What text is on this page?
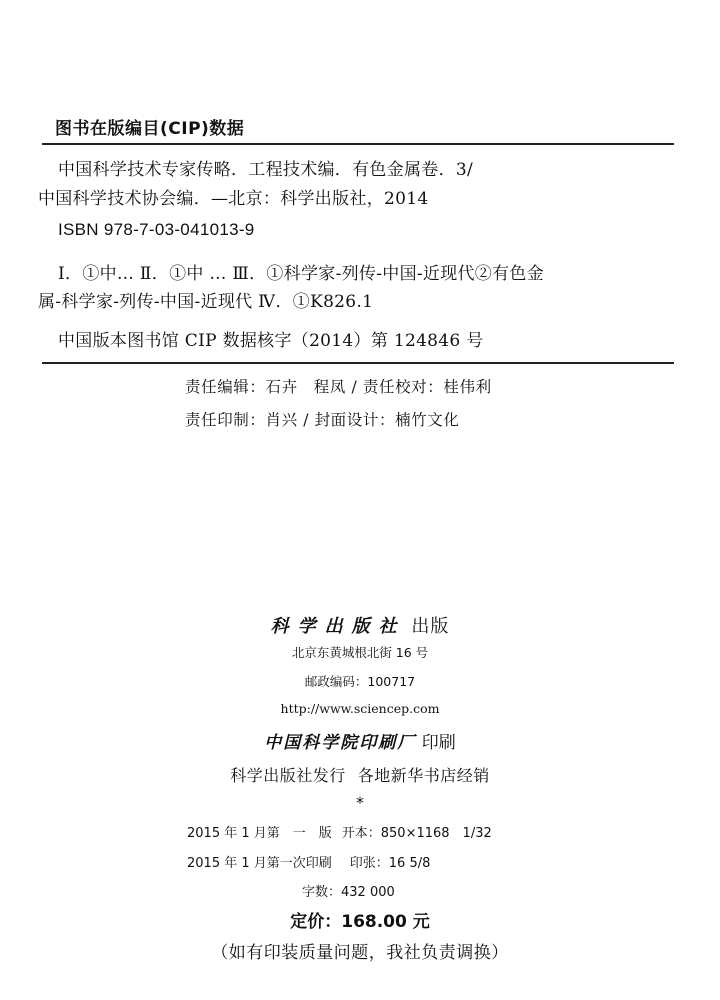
图书在版编目(CIP)数据
中国科学技术专家传略．工程技术编．有色金属卷．3/
中国科学技术协会编．—北京：科学出版社，2014
ISBN 978-7-03-041013-9
Ⅰ．①中… Ⅱ．①中 … Ⅲ．①科学家-列传-中国-近现代②有色金
属-科学家-列传-中国-近现代 Ⅳ．①K826.1
中国版本图书馆 CIP 数据核字（2014）第 124846 号
责任编辑：石卉　程凤 / 责任校对：桂伟利
责任印制：肖兴 / 封面设计：楠竹文化
科学出版社 出版
北京东黄城根北街 16 号
邮政编码：100717
http://www.sciencep.com
中国科学院印刷厂 印刷
科学出版社发行 各地新华书店经销
*
2015 年 1 月第　一　版 开本：850×1168　1/32
2015 年 1 月第一次印刷 印张：16 5/8
字数：432 000
定价：168.00 元
（如有印装质量问题，我社负责调换）
